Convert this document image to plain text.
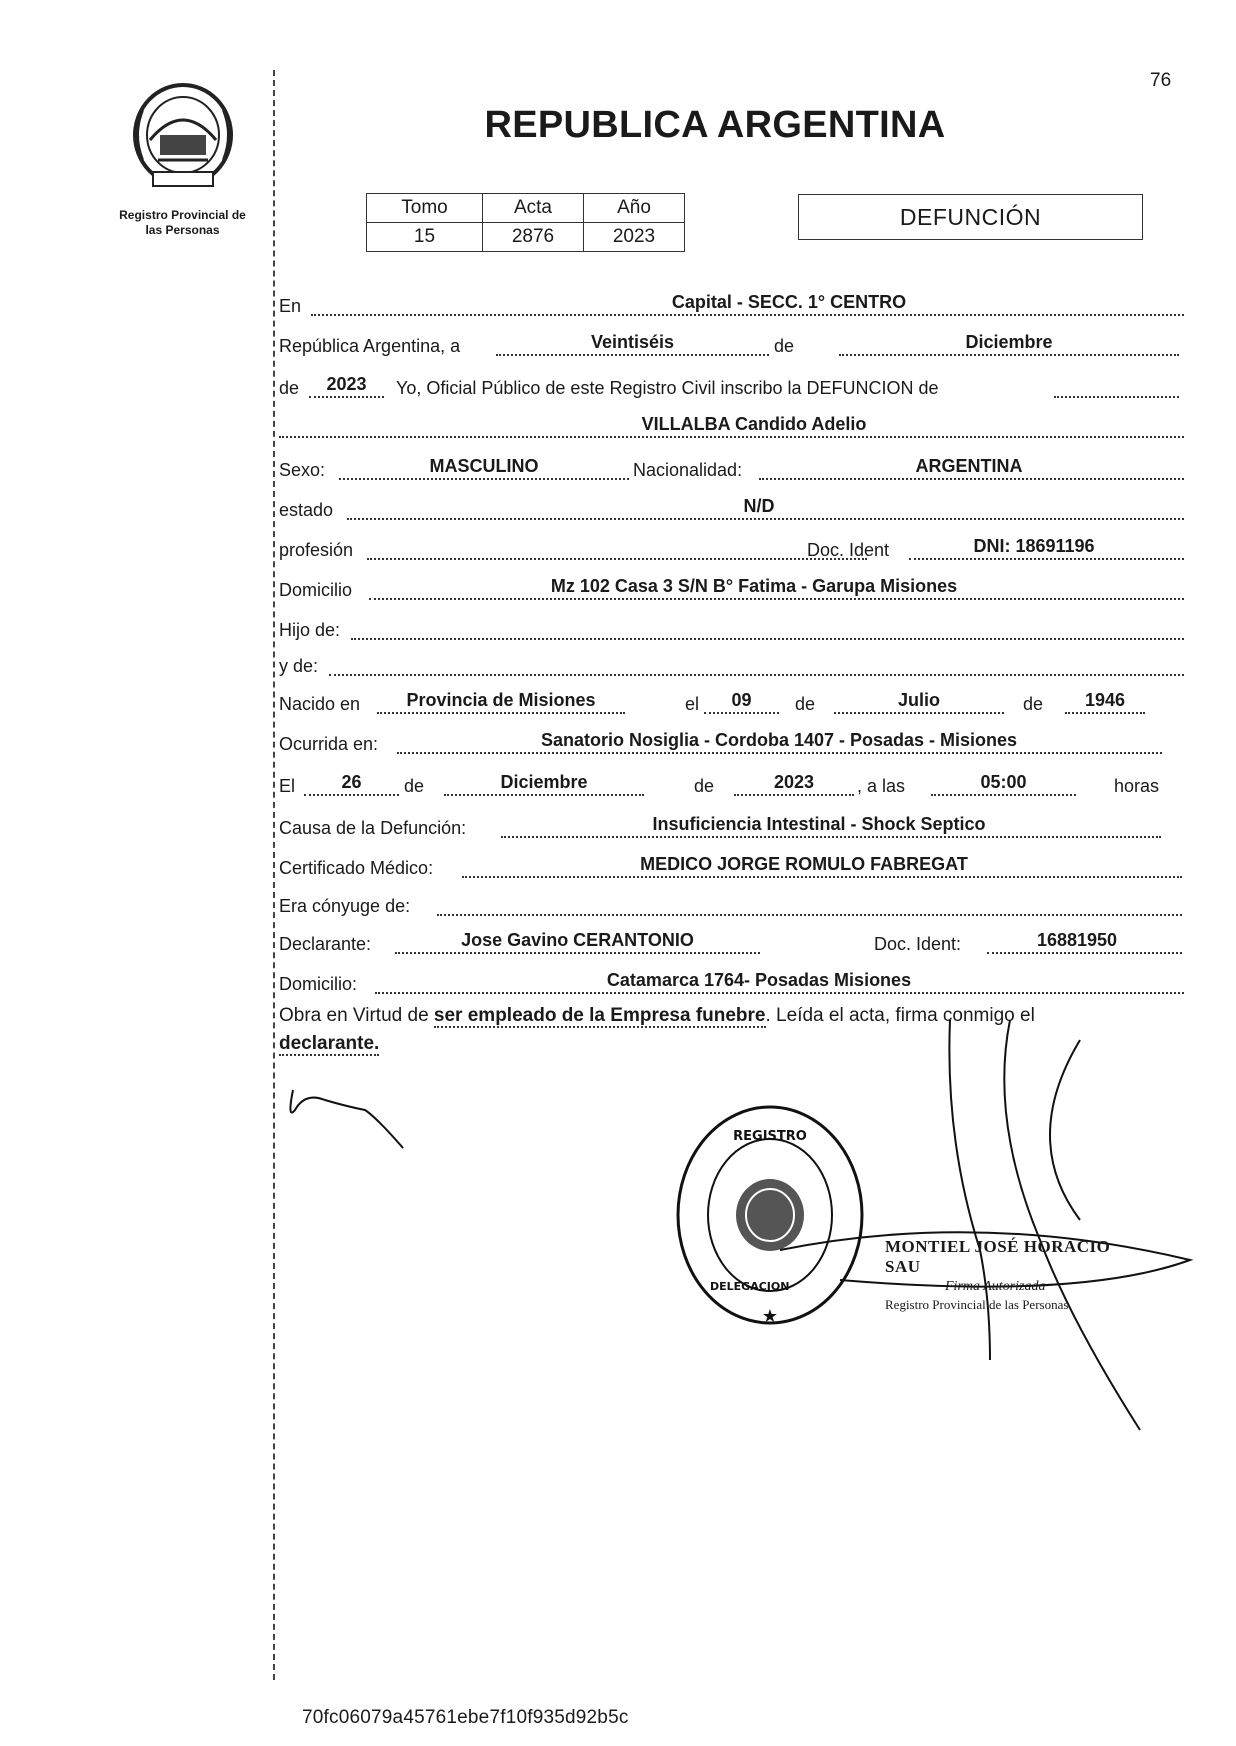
76
Registro Provincial de
las Personas
REPUBLICA ARGENTINA
Tomo	Acta	Año
15	2876	2023
DEFUNCIÓN
En	Capital - SECC. 1° CENTRO
República Argentina, a	Veintiséis	de	Diciembre
de	2023	Yo, Oficial Público de este Registro Civil inscribo la DEFUNCION de
VILLALBA Candido Adelio
Sexo:	MASCULINO	Nacionalidad:	ARGENTINA
estado	N/D
profesión	Doc. Ident	DNI: 18691196
Domicilio	Mz 102 Casa 3 S/N B° Fatima - Garupa Misiones
Hijo de:
y de:
Nacido en	Provincia de Misiones	el	09	de	Julio	de	1946
Ocurrida en:	Sanatorio Nosiglia - Cordoba 1407 - Posadas - Misiones
El	26	de	Diciembre	de	2023	, a las	05:00	horas
Causa de la Defunción:	Insuficiencia Intestinal - Shock Septico
Certificado Médico:	MEDICO JORGE ROMULO FABREGAT
Era cónyuge de:
Declarante:	Jose Gavino CERANTONIO	Doc. Ident:	16881950
Domicilio:	Catamarca 1764- Posadas Misiones
Obra en Virtud de ser empleado de la Empresa funebre. Leída el acta, firma conmigo el
declarante.
REGISTRO
DELEGACION
★
MONTIEL JOSÉ HORACIO SAU
Firma Autorizada
Registro Provincial de las Personas
70fc06079a45761ebe7f10f935d92b5c
